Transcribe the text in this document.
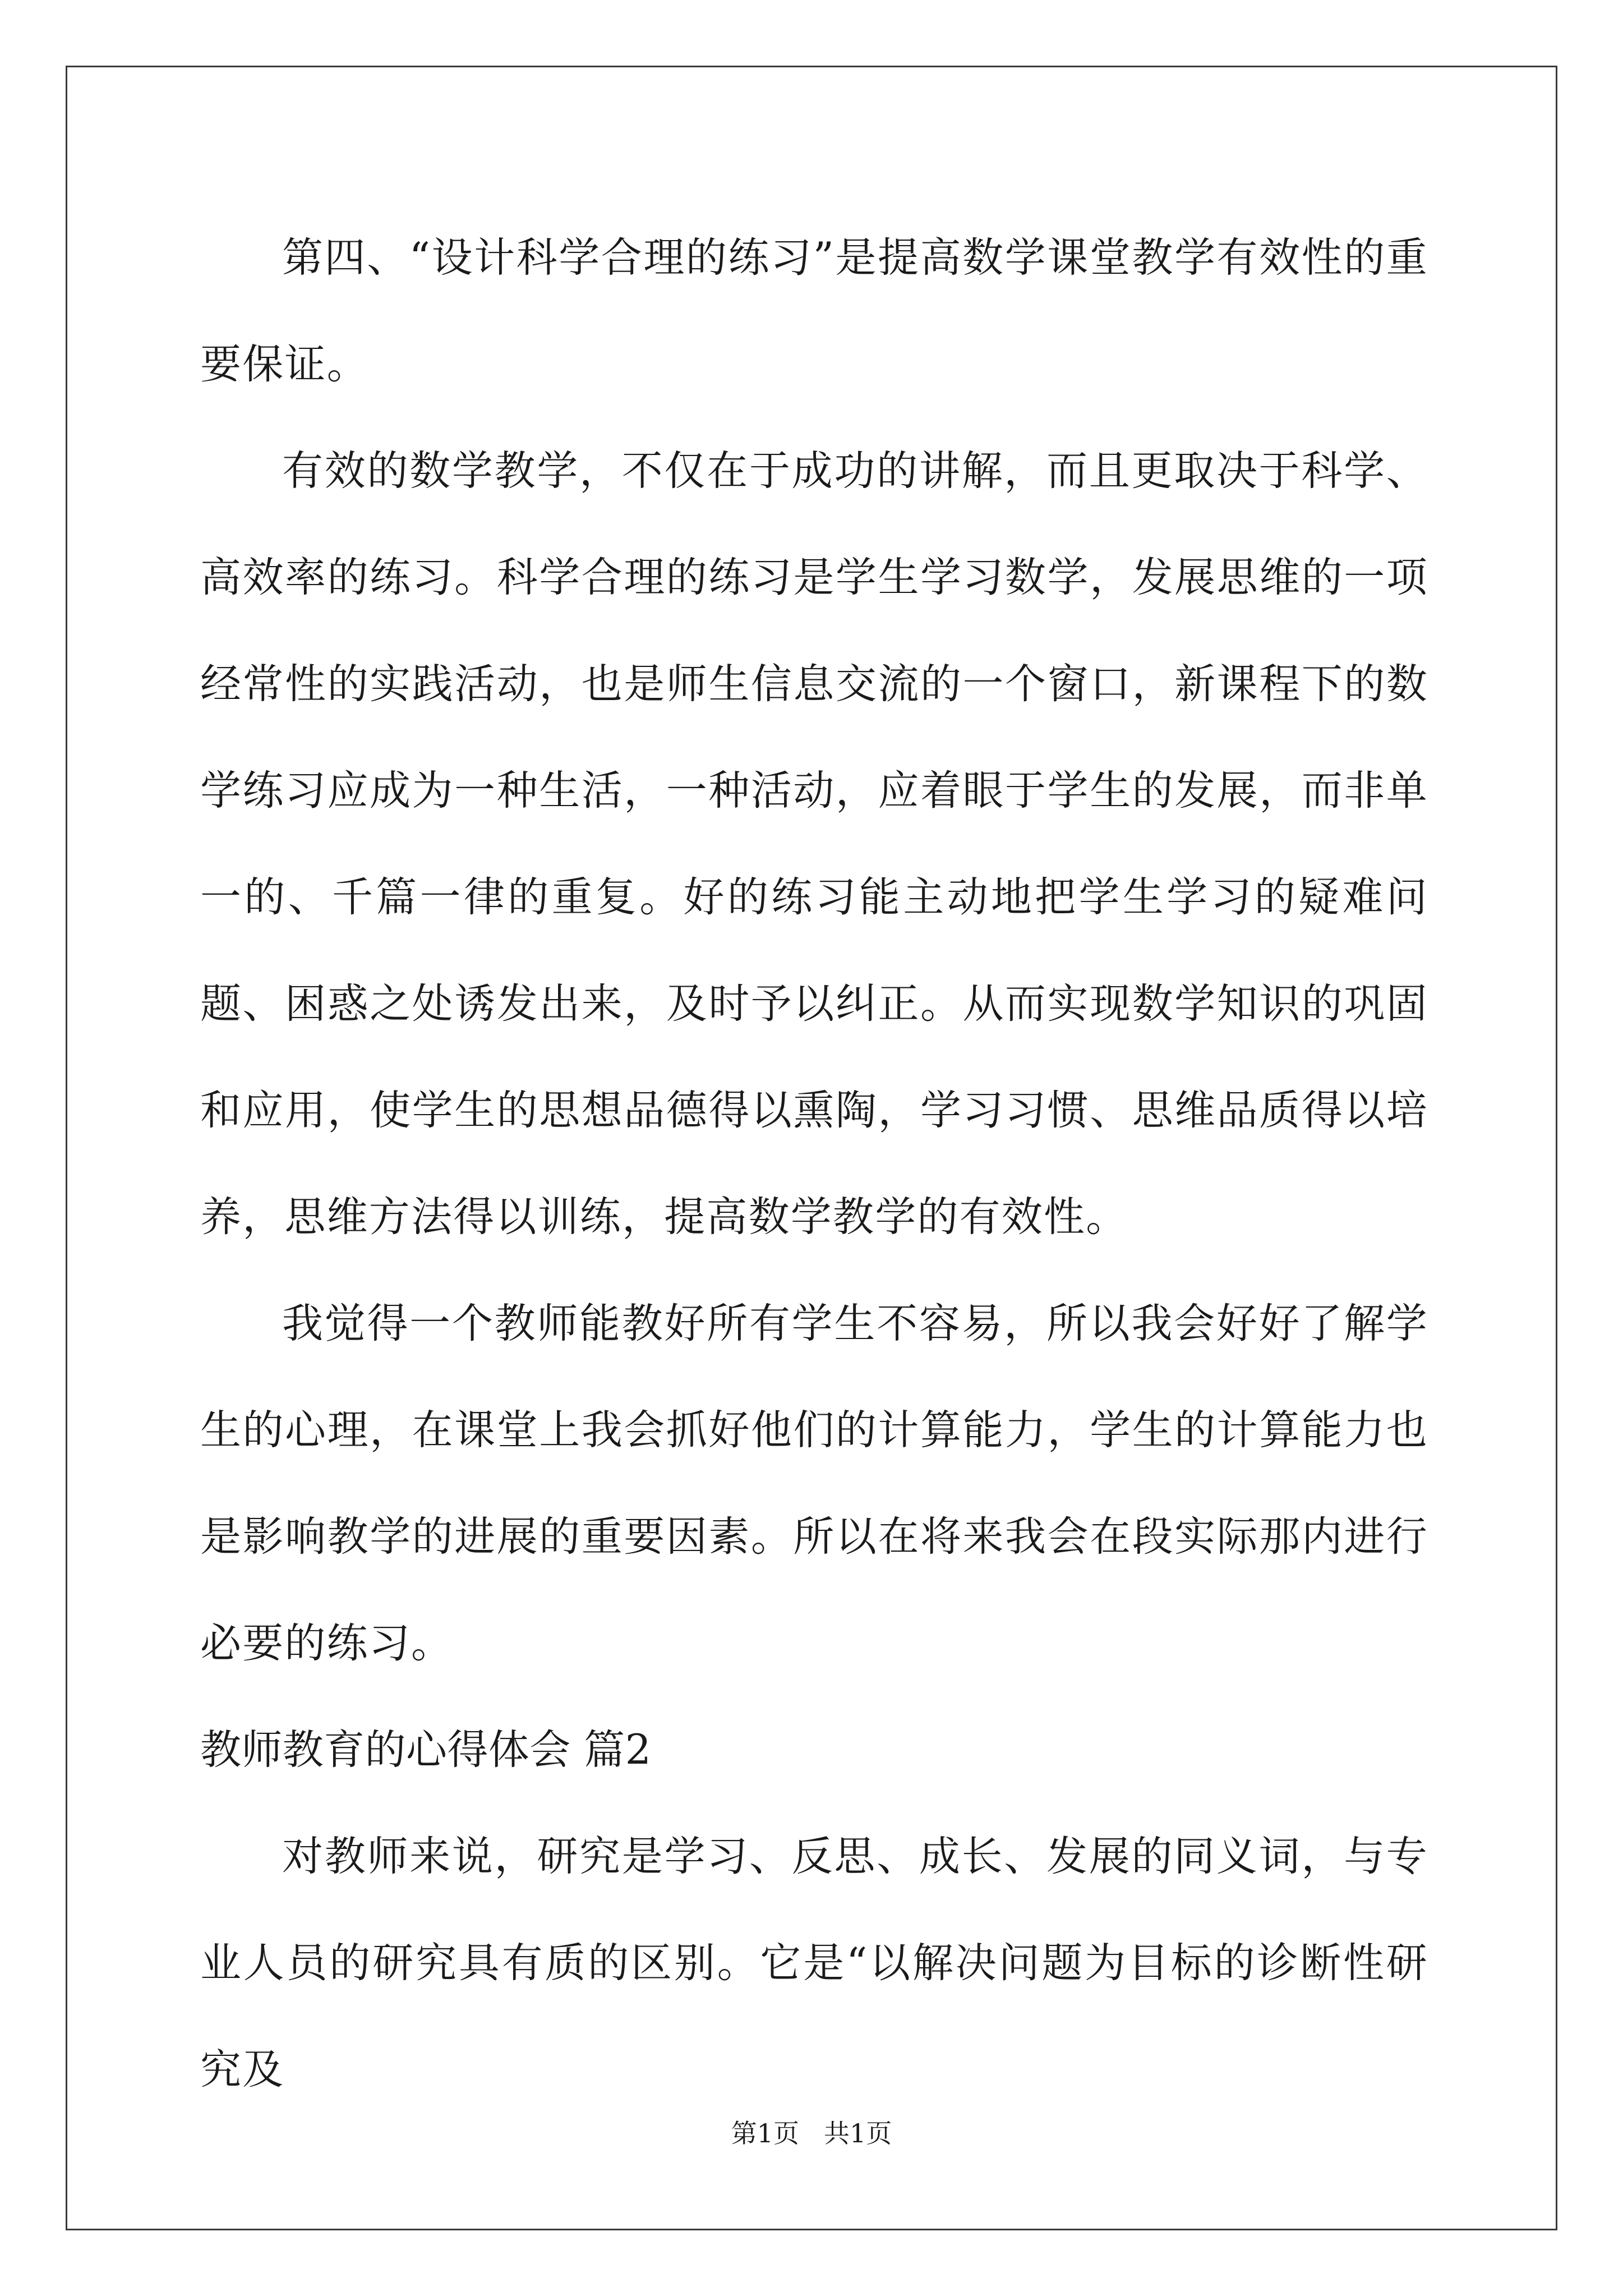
第四、“设计科学合理的练习”是提高数学课堂教学有效性的重要保证。

有效的数学教学，不仅在于成功的讲解，而且更取决于科学、高效率的练习。科学合理的练习是学生学习数学，发展思维的一项经常性的实践活动，也是师生信息交流的一个窗口，新课程下的数学练习应成为一种生活，一种活动，应着眼于学生的发展，而非单一的、千篇一律的重复。好的练习能主动地把学生学习的疑难问题、困惑之处诱发出来，及时予以纠正。从而实现数学知识的巩固和应用，使学生的思想品德得以熏陶，学习习惯、思维品质得以培养，思维方法得以训练，提高数学教学的有效性。

我觉得一个教师能教好所有学生不容易，所以我会好好了解学生的心理，在课堂上我会抓好他们的计算能力，学生的计算能力也是影响教学的进展的重要因素。所以在将来我会在段实际那内进行必要的练习。

教师教育的心得体会 篇2

对教师来说，研究是学习、反思、成长、发展的同义词，与专业人员的研究具有质的区别。它是“以解决问题为目标的诊断性研究及

第1页 共1页
